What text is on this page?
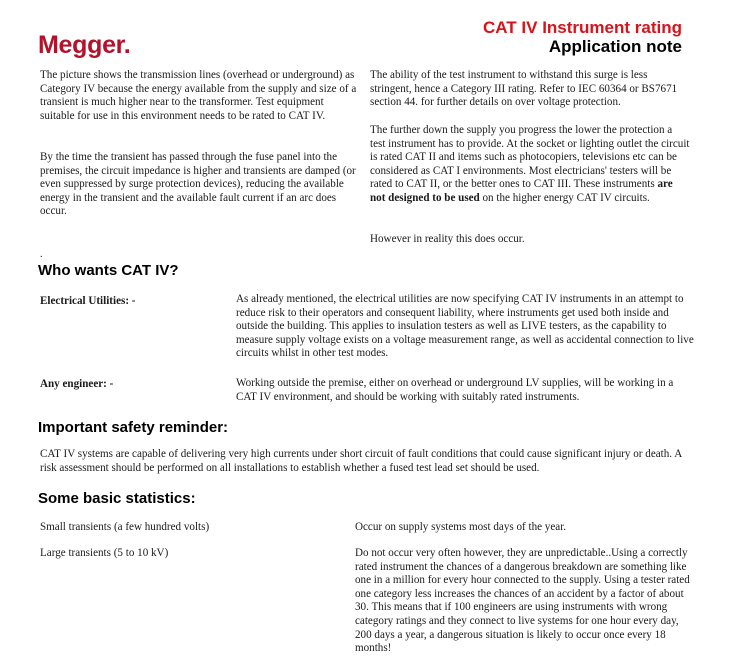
Megger.
CAT IV Instrument rating
Application note

The picture shows the transmission lines (overhead or underground) as Category IV because the energy available from the supply and size of a transient is much higher near to the transformer. Test equipment suitable for use in this environment needs to be rated to CAT IV.

By the time the transient has passed through the fuse panel into the premises, the circuit impedance is higher and transients are damped (or even suppressed by surge protection devices), reducing the available energy in the transient and the available fault current if an arc does occur.

The ability of the test instrument to withstand this surge is less stringent, hence a Category III rating. Refer to IEC 60364 or BS7671 section 44. for further details on over voltage protection.

The further down the supply you progress the lower the protection a test instrument has to provide. At the socket or lighting outlet the circuit is rated CAT II and items such as photocopiers, televisions etc can be considered as CAT I environments. Most electricians' testers will be rated to CAT II, or the better ones to CAT III. These instruments are not designed to be used on the higher energy CAT IV circuits.

However in reality this does occur.

.
Who wants CAT IV?
Electrical Utilities: -	As already mentioned, the electrical utilities are now specifying CAT IV instruments in an attempt to reduce risk to their operators and consequent liability, where instruments get used both inside and outside the building. This applies to insulation testers as well as LIVE testers, as the capability to measure supply voltage exists on a voltage measurement range, as well as accidental connection to live circuits whilst in other test modes.

Any engineer: -	Working outside the premise, either on overhead or underground LV supplies, will be working in a CAT IV environment, and should be working with suitably rated instruments.

Important safety reminder:

CAT IV systems are capable of delivering very high currents under short circuit of fault conditions that could cause significant injury or death. A risk assessment should be performed on all installations to establish whether a fused test lead set should be used.

Some basic statistics:
Small transients (a few hundred volts)	Occur on supply systems most days of the year.

Large transients (5 to 10 kV)	Do not occur very often however, they are unpredictable..Using a correctly rated instrument the chances of a dangerous breakdown are something like one in a million for every hour connected to the supply. Using a tester rated one category less increases the chances of an accident by a factor of about 30. This means that if 100 engineers are using instruments with wrong category ratings and they connect to live systems for one hour every day, 200 days a year, a dangerous situation is likely to occur once every 18 months!
